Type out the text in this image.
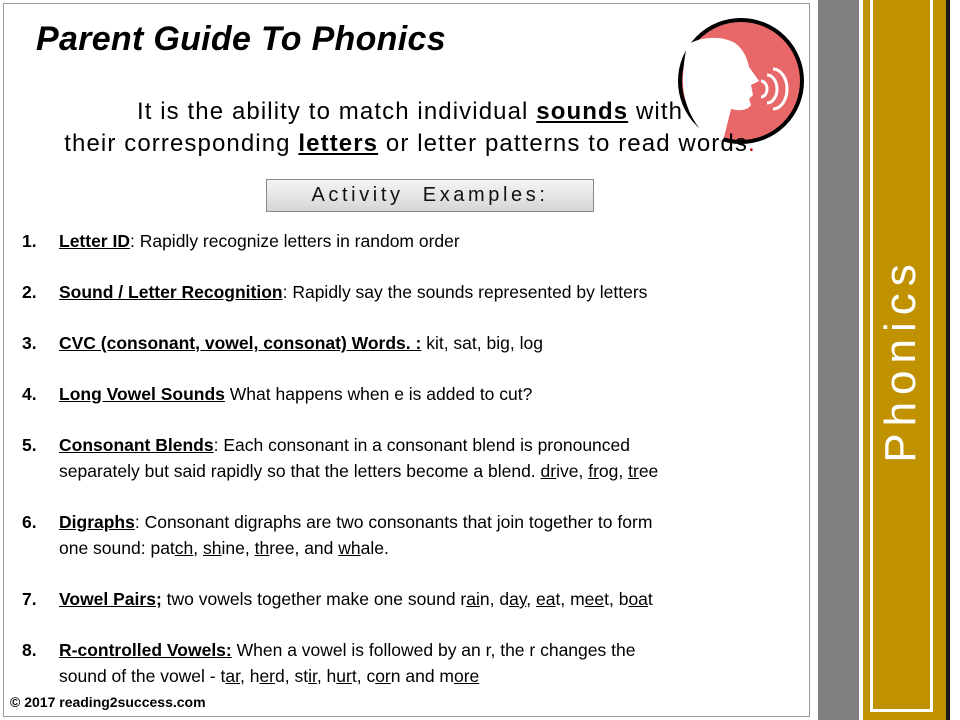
Parent Guide To Phonics
It is the ability to match individual sounds with
their corresponding letters or letter patterns to read words.
Activity Examples:
1. Letter ID: Rapidly recognize letters in random order
2. Sound / Letter Recognition: Rapidly say the sounds represented by letters
3. CVC (consonant, vowel, consonat) Words. : kit, sat, big, log
4. Long Vowel Sounds What happens when e is added to cut?
5. Consonant Blends: Each consonant in a consonant blend is pronounced
separately but said rapidly so that the letters become a blend. drive, frog, tree
6. Digraphs: Consonant digraphs are two consonants that join together to form
one sound: patch, shine, three, and whale.
7. Vowel Pairs; two vowels together make one sound rain, day, eat, meet, boat
8. R-controlled Vowels: When a vowel is followed by an r, the r changes the
sound of the vowel - tar, herd, stir, hurt, corn and more
© 2017 reading2success.com
Phonics
